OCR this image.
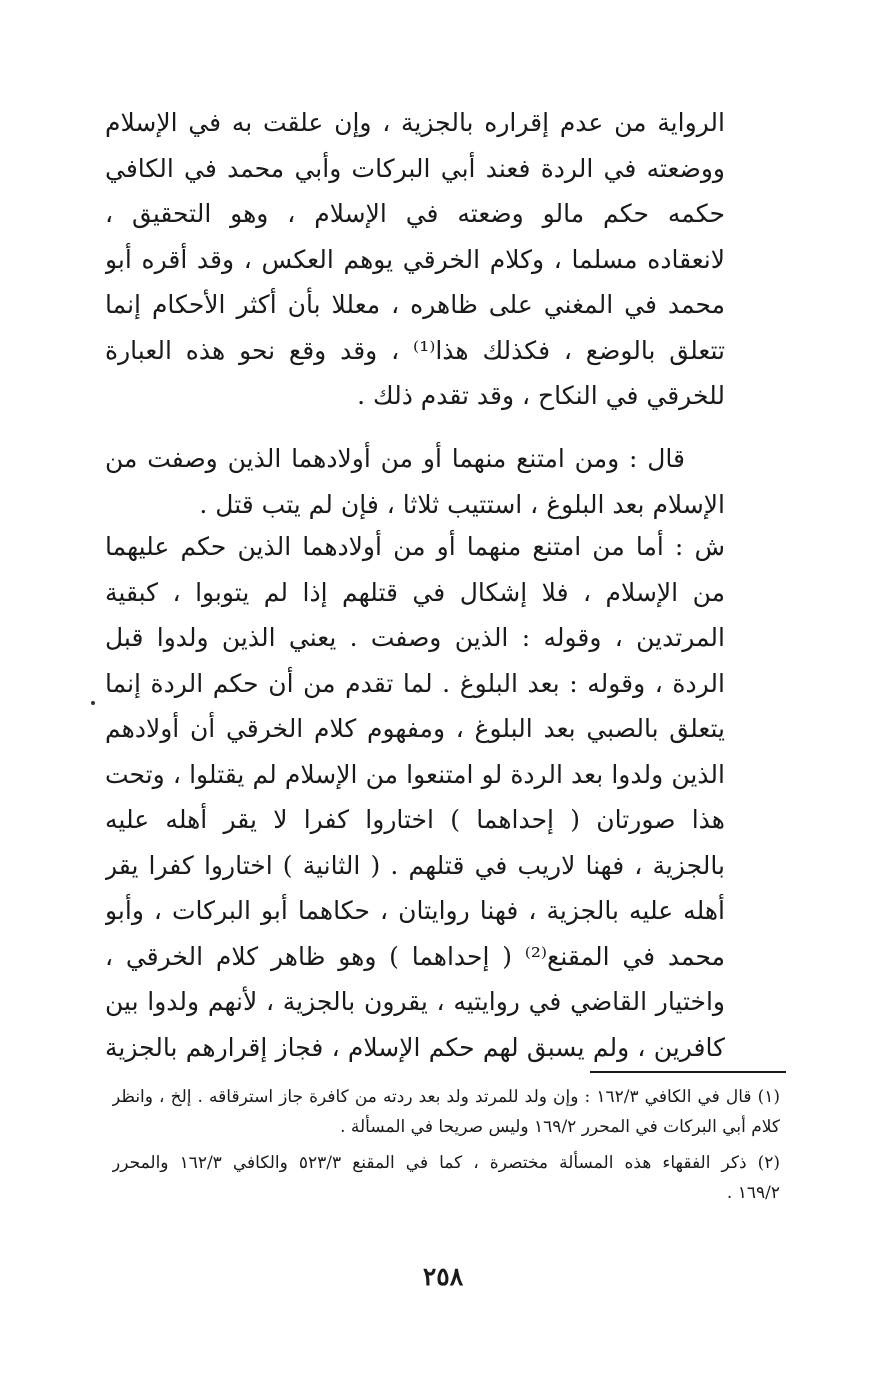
الرواية من عدم إقراره بالجزية ، وإن علقت به في الإسلام
ووضعته في الردة فعند أبي البركات وأبي محمد في الكافي
حكمه حكم مالو وضعته في الإسلام ، وهو التحقيق ،
لانعقاده مسلما ، وكلام الخرقي يوهم العكس ، وقد أقره أبو
محمد في المغني على ظاهره ، معللا بأن أكثر الأحكام إنما
تتعلق بالوضع ، فكذلك هذا⁽¹⁾ ، وقد وقع نحو هذه العبارة
للخرقي في النكاح ، وقد تقدم ذلك .
قال : ومن امتنع منهما أو من أولادهما الذين وصفت من
الإسلام بعد البلوغ ، استتيب ثلاثا ، فإن لم يتب قتل .
ش : أما من امتنع منهما أو من أولادهما الذين حكم عليهما
من الإسلام ، فلا إشكال في قتلهم إذا لم يتوبوا ، كبقية
المرتدين ، وقوله : الذين وصفت . يعني الذين ولدوا قبل
الردة ، وقوله : بعد البلوغ . لما تقدم من أن حكم الردة إنما
يتعلق بالصبي بعد البلوغ ، ومفهوم كلام الخرقي أن أولادهم
الذين ولدوا بعد الردة لو امتنعوا من الإسلام لم يقتلوا ، وتحت
هذا صورتان ( إحداهما ) اختاروا كفرا لا يقر أهله عليه
بالجزية ، فهنا لاريب في قتلهم . ( الثانية ) اختاروا كفرا يقر
أهله عليه بالجزية ، فهنا روايتان ، حكاهما أبو البركات ، وأبو
محمد في المقنع⁽²⁾ ( إحداهما ) وهو ظاهر كلام الخرقي ،
واختيار القاضي في روايتيه ، يقرون بالجزية ، لأنهم ولدوا بين
كافرين ، ولم يسبق لهم حكم الإسلام ، فجاز إقرارهم بالجزية
(١) قال في الكافي ١٦٢/٣ : وإن ولد للمرتد ولد بعد ردته من كافرة جاز استرقاقه . إلخ ، وانظر
كلام أبي البركات في المحرر ١٦٩/٢ وليس صريحا في المسألة .
(٢) ذكر الفقهاء هذه المسألة مختصرة ، كما في المقنع ٥٢٣/٣ والكافي ١٦٢/٣ والمحرر
١٦٩/٢ .
٢٥٨
